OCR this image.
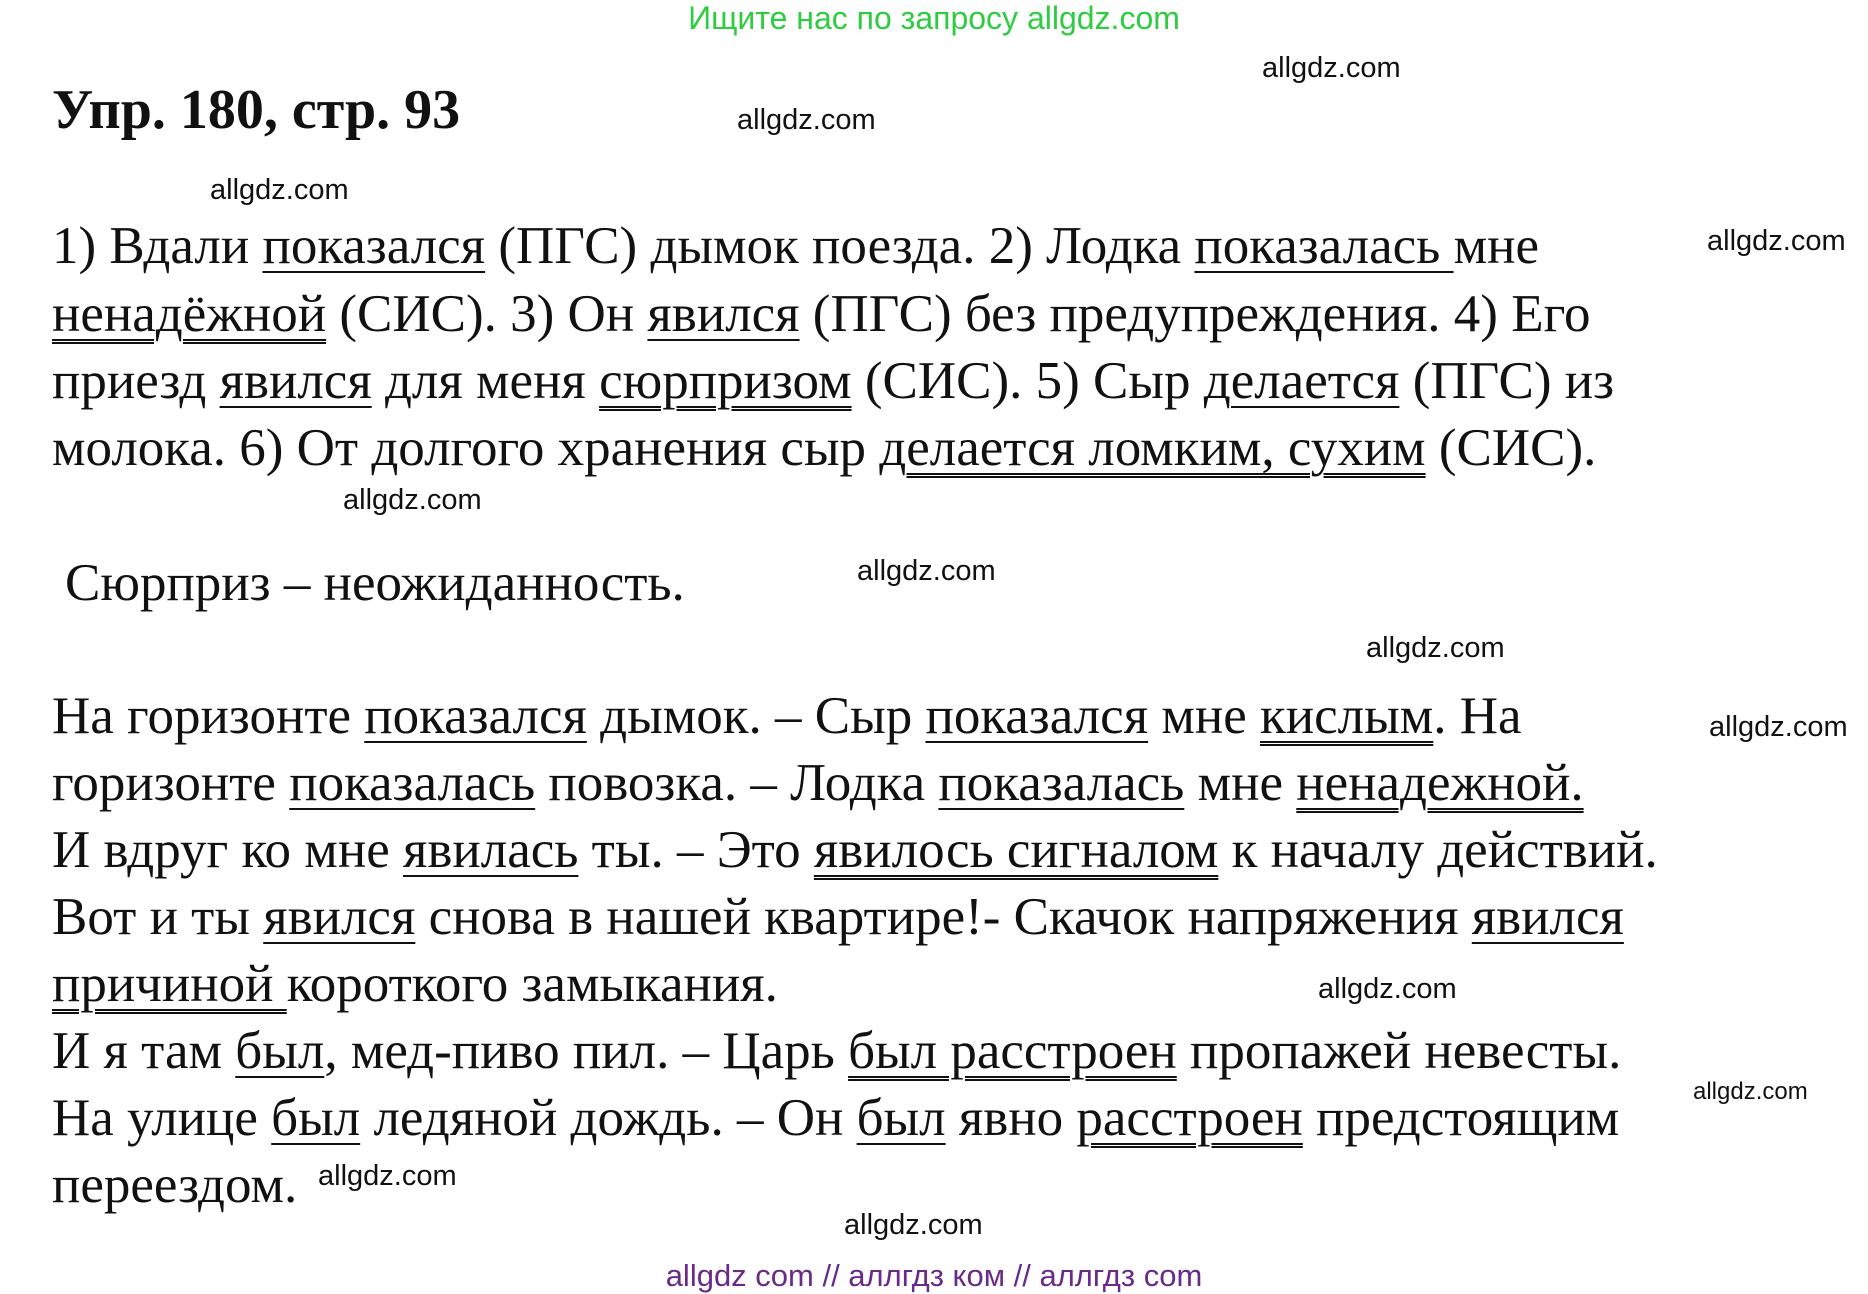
Ищите нас по запросу allgdz.com
Упр. 180, стр. 93
allgdz.com
allgdz.com
allgdz.com
allgdz.com
allgdz.com
allgdz.com
allgdz.com
allgdz.com
allgdz.com
allgdz.com
allgdz.com
allgdz.com
1) Вдали показался (ПГС) дымок поезда. 2) Лодка показалась мне
ненадёжной (СИС). 3) Он явился (ПГС) без предупреждения. 4) Его
приезд явился для меня сюрпризом (СИС). 5) Сыр делается (ПГС) из
молока. 6) От долгого хранения сыр делается ломким, сухим (СИС).
Сюрприз – неожиданность.
На горизонте показался дымок. – Сыр показался мне кислым. На
горизонте показалась повозка. – Лодка показалась мне ненадежной.
И вдруг ко мне явилась ты. – Это явилось сигналом к началу действий.
Вот и ты явился снова в нашей квартире!- Скачок напряжения явился
причиной короткого замыкания.
И я там был, мед-пиво пил. – Царь был расстроен пропажей невесты.
На улице был ледяной дождь. – Он был явно расстроен предстоящим
переездом.
allgdz com // аллгдз ком // аллгдз com
